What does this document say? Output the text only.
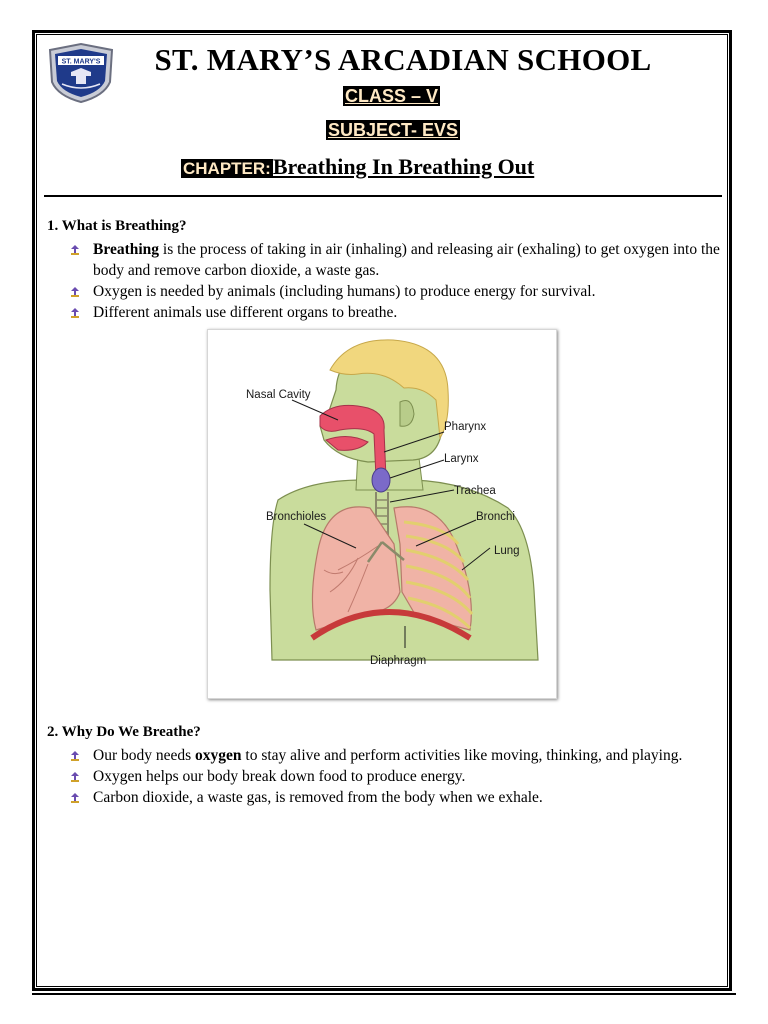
ST. MARY'S	ST. MARY’S ARCADIAN SCHOOL
CLASS – V
SUBJECT- EVS
CHAPTER:Breathing In Breathing Out
1. What is Breathing?
Breathing is the process of taking in air (inhaling) and releasing air (exhaling) to get oxygen into the body and remove carbon dioxide, a waste gas.
Oxygen is needed by animals (including humans) to produce energy for survival.
Different animals use different organs to breathe.
Nasal Cavity
Pharynx
Larynx
Trachea
Bronchioles	Bronchi
Lung
Diaphragm
2. Why Do We Breathe?
Our body needs oxygen to stay alive and perform activities like moving, thinking, and playing.
Oxygen helps our body break down food to produce energy.
Carbon dioxide, a waste gas, is removed from the body when we exhale.
